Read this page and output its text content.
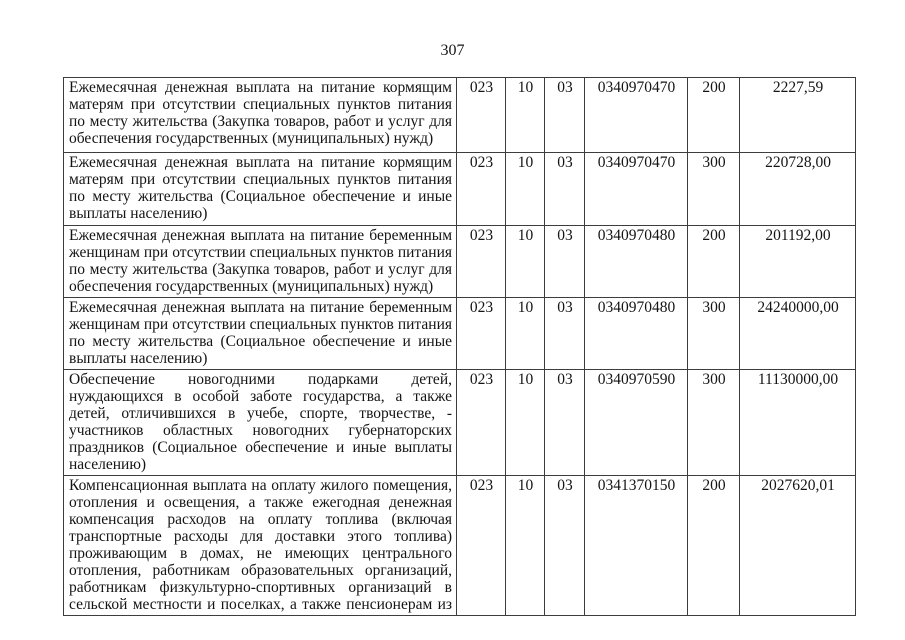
307
Ежемесячная денежная выплата на питание кормящим матерям при отсутствии специальных пунктов питания по месту жительства (Закупка товаров, работ и услуг для обеспечения государственных (муниципальных) нужд)	023	10	03	0340970470	200	2227,59
Ежемесячная денежная выплата на питание кормящим матерям при отсутствии специальных пунктов питания по месту жительства (Социальное обеспечение и иные выплаты населению)	023	10	03	0340970470	300	220728,00
Ежемесячная денежная выплата на питание беременным женщинам при отсутствии специальных пунктов питания по месту жительства (Закупка товаров, работ и услуг для обеспечения государственных (муниципальных) нужд)	023	10	03	0340970480	200	201192,00
Ежемесячная денежная выплата на питание беременным женщинам при отсутствии специальных пунктов питания по месту жительства (Социальное обеспечение и иные выплаты населению)	023	10	03	0340970480	300	24240000,00
Обеспечение новогодними подарками детей, нуждающихся в особой заботе государства, а также детей, отличившихся в учебе, спорте, творчестве, - участников областных новогодних губернаторских праздников (Социальное обеспечение и иные выплаты населению)	023	10	03	0340970590	300	11130000,00
Компенсационная выплата на оплату жилого помещения, отопления и освещения, а также ежегодная денежная компенсация расходов на оплату топлива (включая транспортные расходы для доставки этого топлива) проживающим в домах, не имеющих центрального отопления, работникам образовательных организаций, работникам физкультурно-спортивных организаций в сельской местности и поселках, а также пенсионерам из	023	10	03	0341370150	200	2027620,01
